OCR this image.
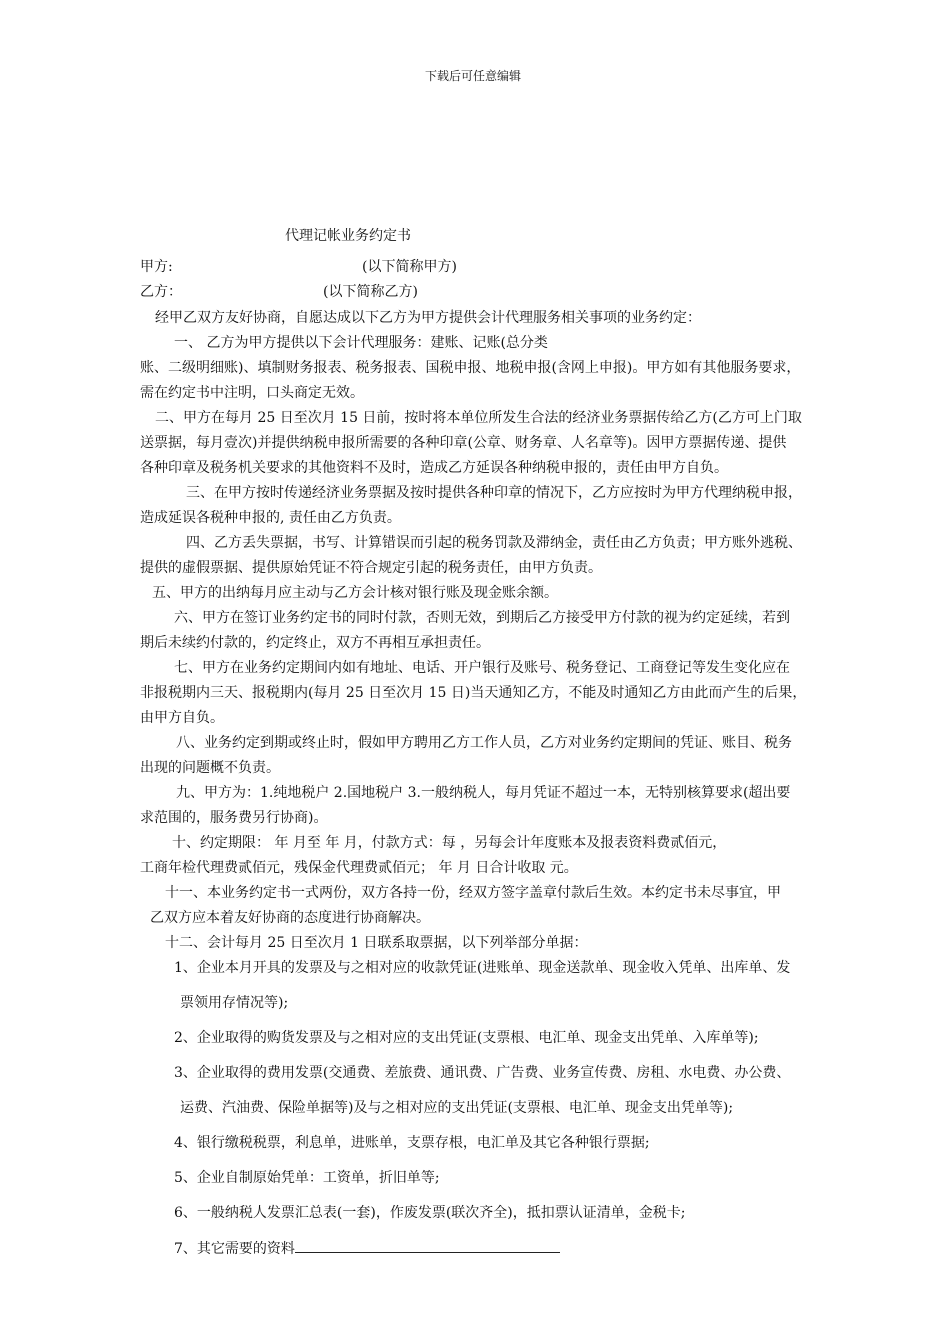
下载后可任意编辑
代理记帐业务约定书
甲方:	(以下简称甲方)
乙方：	(以下简称乙方)
经甲乙双方友好协商，自愿达成以下乙方为甲方提供会计代理服务相关事项的业务约定：
一、 乙方为甲方提供以下会计代理服务：建账、记账(总分类
账、二级明细账)、填制财务报表、税务报表、国税申报、地税申报(含网上申报)。甲方如有其他服务要求，
需在约定书中注明，口头商定无效。
二、甲方在每月 25 日至次月 15 日前，按时将本单位所发生合法的经济业务票据传给乙方(乙方可上门取
送票据，每月壹次)并提供纳税申报所需要的各种印章(公章、财务章、人名章等)。因甲方票据传递、提供
各种印章及税务机关要求的其他资料不及时，造成乙方延误各种纳税申报的，责任由甲方自负。
三、在甲方按时传递经济业务票据及按时提供各种印章的情况下，乙方应按时为甲方代理纳税申报，
造成延误各税种申报的, 责任由乙方负责。
四、乙方丢失票据，书写、计算错误而引起的税务罚款及滞纳金，责任由乙方负责；甲方账外逃税、
提供的虚假票据、提供原始凭证不符合规定引起的税务责任，由甲方负责。
五、甲方的出纳每月应主动与乙方会计核对银行账及现金账余额。
六、甲方在签订业务约定书的同时付款，否则无效，到期后乙方接受甲方付款的视为约定延续，若到
期后未续约付款的，约定终止，双方不再相互承担责任。
七、甲方在业务约定期间内如有地址、电话、开户银行及账号、税务登记、工商登记等发生变化应在
非报税期内三天、报税期内(每月 25 日至次月 15 日)当天通知乙方，不能及时通知乙方由此而产生的后果，
由甲方自负。
八、业务约定到期或终止时，假如甲方聘用乙方工作人员，乙方对业务约定期间的凭证、账目、税务
出现的问题概不负责。
九、甲方为：1.纯地税户 2.国地税户 3.一般纳税人，每月凭证不超过一本，无特别核算要求(超出要
求范围的，服务费另行协商)。
十、约定期限： 年 月至 年 月，付款方式：每 ，另每会计年度账本及报表资料费贰佰元，
工商年检代理费贰佰元，残保金代理费贰佰元； 年 月 日合计收取 元。
十一、本业务约定书一式两份，双方各持一份，经双方签字盖章付款后生效。本约定书未尽事宜，甲
乙双方应本着友好协商的态度进行协商解决。
十二、会计每月 25 日至次月 1 日联系取票据，以下列举部分单据：
1、企业本月开具的发票及与之相对应的收款凭证(进账单、现金送款单、现金收入凭单、出库单、发
票领用存情况等);
2、企业取得的购货发票及与之相对应的支出凭证(支票根、电汇单、现金支出凭单、入库单等);
3、企业取得的费用发票(交通费、差旅费、通讯费、广告费、业务宣传费、房租、水电费、办公费、
运费、汽油费、保险单据等)及与之相对应的支出凭证(支票根、电汇单、现金支出凭单等);
4、银行缴税税票，利息单，进账单，支票存根，电汇单及其它各种银行票据;
5、企业自制原始凭单：工资单，折旧单等;
6、一般纳税人发票汇总表(一套)，作废发票(联次齐全)，抵扣票认证清单，金税卡;
7、其它需要的资料
